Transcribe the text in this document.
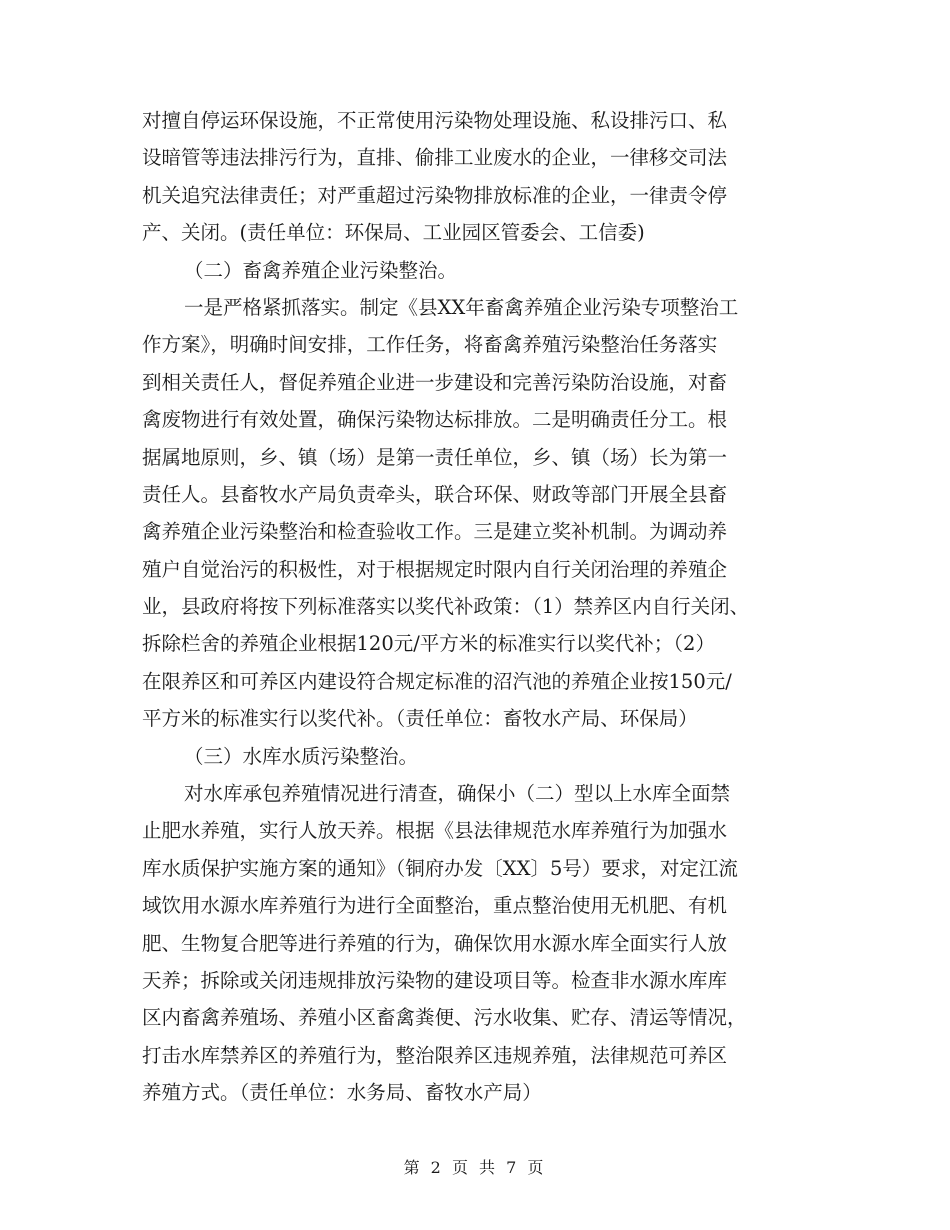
对擅自停运环保设施，不正常使用污染物处理设施、私设排污口、私
设暗管等违法排污行为，直排、偷排工业废水的企业，一律移交司法
机关追究法律责任；对严重超过污染物排放标准的企业，一律责令停
产、关闭。(责任单位：环保局、工业园区管委会、工信委)
（二）畜禽养殖企业污染整治。
一是严格紧抓落实。制定《县XX年畜禽养殖企业污染专项整治工
作方案》，明确时间安排，工作任务，将畜禽养殖污染整治任务落实
到相关责任人，督促养殖企业进一步建设和完善污染防治设施，对畜
禽废物进行有效处置，确保污染物达标排放。二是明确责任分工。根
据属地原则，乡、镇（场）是第一责任单位，乡、镇（场）长为第一
责任人。县畜牧水产局负责牵头，联合环保、财政等部门开展全县畜
禽养殖企业污染整治和检查验收工作。三是建立奖补机制。为调动养
殖户自觉治污的积极性，对于根据规定时限内自行关闭治理的养殖企
业，县政府将按下列标准落实以奖代补政策：（1）禁养区内自行关闭、
拆除栏舍的养殖企业根据120元/平方米的标准实行以奖代补；（2）
在限养区和可养区内建设符合规定标准的沼汽池的养殖企业按150元/
平方米的标准实行以奖代补。（责任单位：畜牧水产局、环保局）
（三）水库水质污染整治。
对水库承包养殖情况进行清查，确保小（二）型以上水库全面禁
止肥水养殖，实行人放天养。根据《县法律规范水库养殖行为加强水
库水质保护实施方案的通知》（铜府办发〔XX〕5号）要求，对定江流
域饮用水源水库养殖行为进行全面整治，重点整治使用无机肥、有机
肥、生物复合肥等进行养殖的行为，确保饮用水源水库全面实行人放
天养；拆除或关闭违规排放污染物的建设项目等。检查非水源水库库
区内畜禽养殖场、养殖小区畜禽粪便、污水收集、贮存、清运等情况，
打击水库禁养区的养殖行为，整治限养区违规养殖，法律规范可养区
养殖方式。（责任单位：水务局、畜牧水产局）
第 2 页 共 7 页
